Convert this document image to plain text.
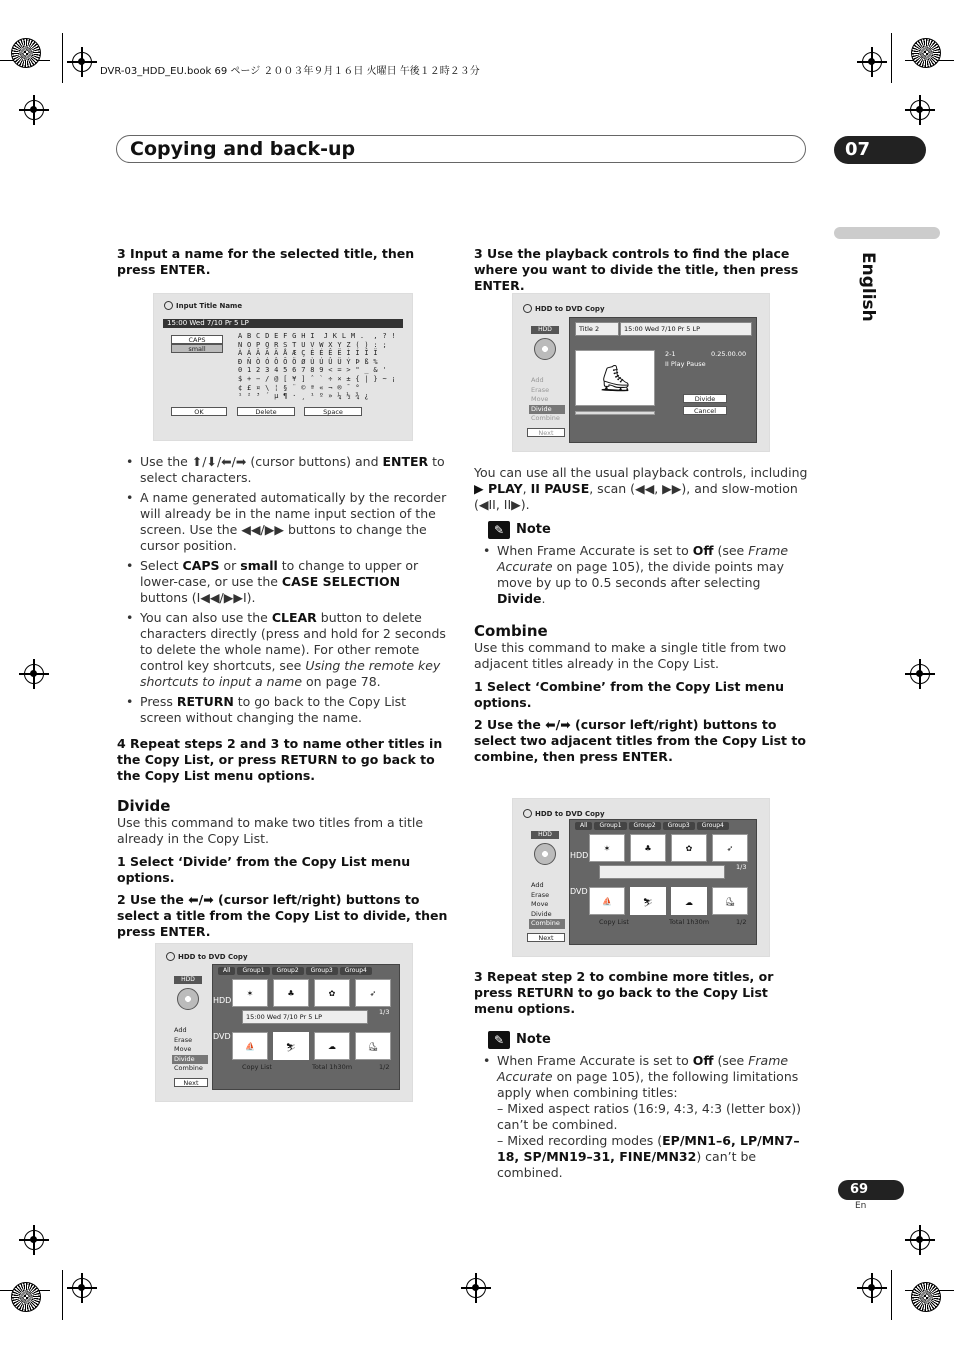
DVR-03_HDD_EU.book 69 ページ ２００３年９月１６日 火曜日 午後１２時２３分
Copying and back-up	07
English
3 Input a name for the selected title, then press ENTER.
Input Title Name
15:00 Wed 7/10 Pr 5 LP
CAPS
small
A B C D E F G H I  J K L M .  , ? !
N O P Q R S T U V W X Y Z ( ) : ;
À Á Â Ã Ä Å Æ Ç È É Ê Ë Ì Í Î Ï
Ð Ñ Ò Ó Ô Õ Ö Ø Ù Ú Û Ü Ý Þ ß %
0 1 2 3 4 5 6 7 8 9 < = > " _ & '
$ + − / @ [ ¥ ] ˆ ` ÷ × ± { | } ~ ¡
¢ £ ¤ \ ¦ § ¨ © ª « ¬ ® ¯ °
¹ ² ³ ´ µ ¶ · ¸ ¹ º » ¼ ½ ¾ ¿
OK	Delete	Space
• Use the ⬆/⬇/⬅/➡ (cursor buttons) and ENTER to select characters.
• A name generated automatically by the recorder will already be in the name input section of the screen. Use the ◀◀/▶▶ buttons to change the cursor position.
• Select CAPS or small to change to upper or lower-case, or use the CASE SELECTION buttons (I◀◀/▶▶I).
• You can also use the CLEAR button to delete characters directly (press and hold for 2 seconds to delete the whole name). For other remote control key shortcuts, see Using the remote key shortcuts to input a name on page 78.
• Press RETURN to go back to the Copy List screen without changing the name.
4 Repeat steps 2 and 3 to name other titles in the Copy List, or press RETURN to go back to the Copy List menu options.
Divide
Use this command to make two titles from a title already in the Copy List.
1 Select ‘Divide’ from the Copy List menu options.
2 Use the ⬅/➡ (cursor left/right) buttons to select a title from the Copy List to divide, then press ENTER.
HDD to DVD Copy
HDD
Add
Erase
Move
Divide
Combine
Next
All	Group1	Group2	Group3	Group4
✶	♣	✿	➶
HDD
15:00 Wed 7/10 Pr 5 LP
1/3
DVD
⛵	⛷	☁	⛸
Copy List	Total 1h30m	1/2
3 Use the playback controls to find the place where you want to divide the title, then press ENTER.
HDD to DVD Copy
HDD
Add
Erase
Move
Divide
Combine
Next
Title 2	15:00 Wed 7/10 Pr 5 LP
⛸
2-1	0.25.00.00
II Play Pause
Divide
Cancel
You can use all the usual playback controls, including ▶ PLAY, II PAUSE, scan (◀◀, ▶▶), and slow-motion (◀II, II▶).
✎ Note
• When Frame Accurate is set to Off (see Frame Accurate on page 105), the divide points may move by up to 0.5 seconds after selecting Divide.
Combine
Use this command to make a single title from two adjacent titles already in the Copy List.
1 Select ‘Combine’ from the Copy List menu options.
2 Use the ⬅/➡ (cursor left/right) buttons to select two adjacent titles from the Copy List to combine, then press ENTER.
HDD to DVD Copy
HDD
Add
Erase
Move
Divide
Combine
Next
All	Group1	Group2	Group3	Group4
✶	♣	✿	➶
HDD
1/3
DVD
⛵	⛷	☁	⛸
Copy List	Total 1h30m	1/2
3 Repeat step 2 to combine more titles, or press RETURN to go back to the Copy List menu options.
✎ Note
• When Frame Accurate is set to Off (see Frame Accurate on page 105), the following limitations apply when combining titles:
– Mixed aspect ratios (16:9, 4:3, 4:3 (letter box)) can’t be combined.
– Mixed recording modes (EP/MN1–6, LP/MN7–18, SP/MN19–31, FINE/MN32) can’t be combined.
69
En
